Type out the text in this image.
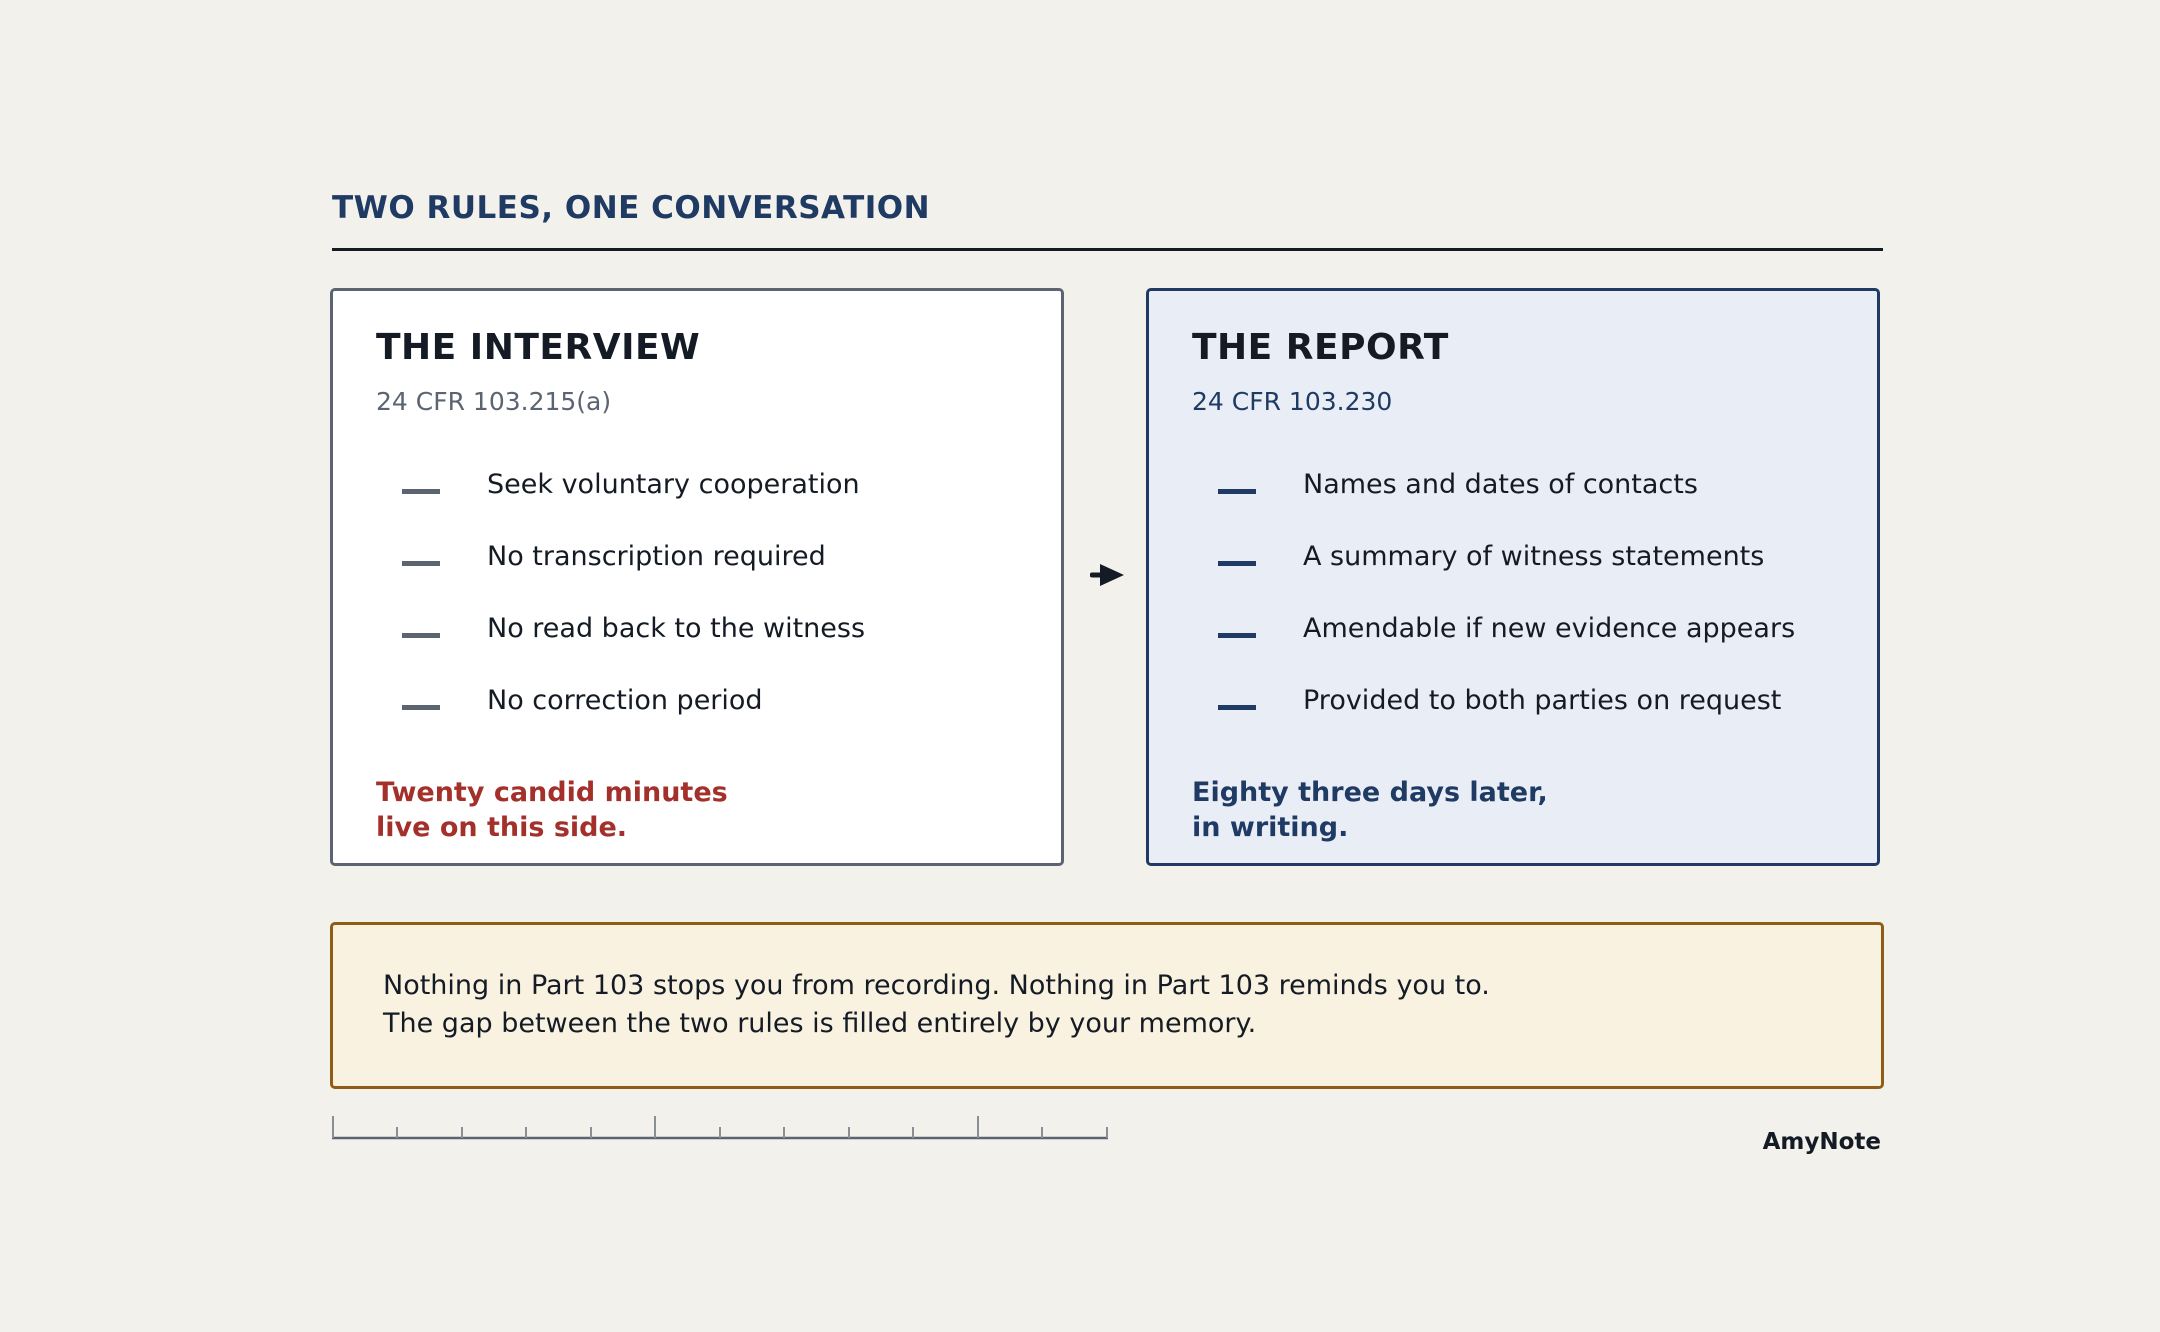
TWO RULES, ONE CONVERSATION
THE INTERVIEW
24 CFR 103.215(a)
Seek voluntary cooperation
No transcription required
No read back to the witness
No correction period
Twenty candid minutes
live on this side.
THE REPORT
24 CFR 103.230
Names and dates of contacts
A summary of witness statements
Amendable if new evidence appears
Provided to both parties on request
Eighty three days later,
in writing.
Nothing in Part 103 stops you from recording. Nothing in Part 103 reminds you to.
The gap between the two rules is filled entirely by your memory.
AmyNote
